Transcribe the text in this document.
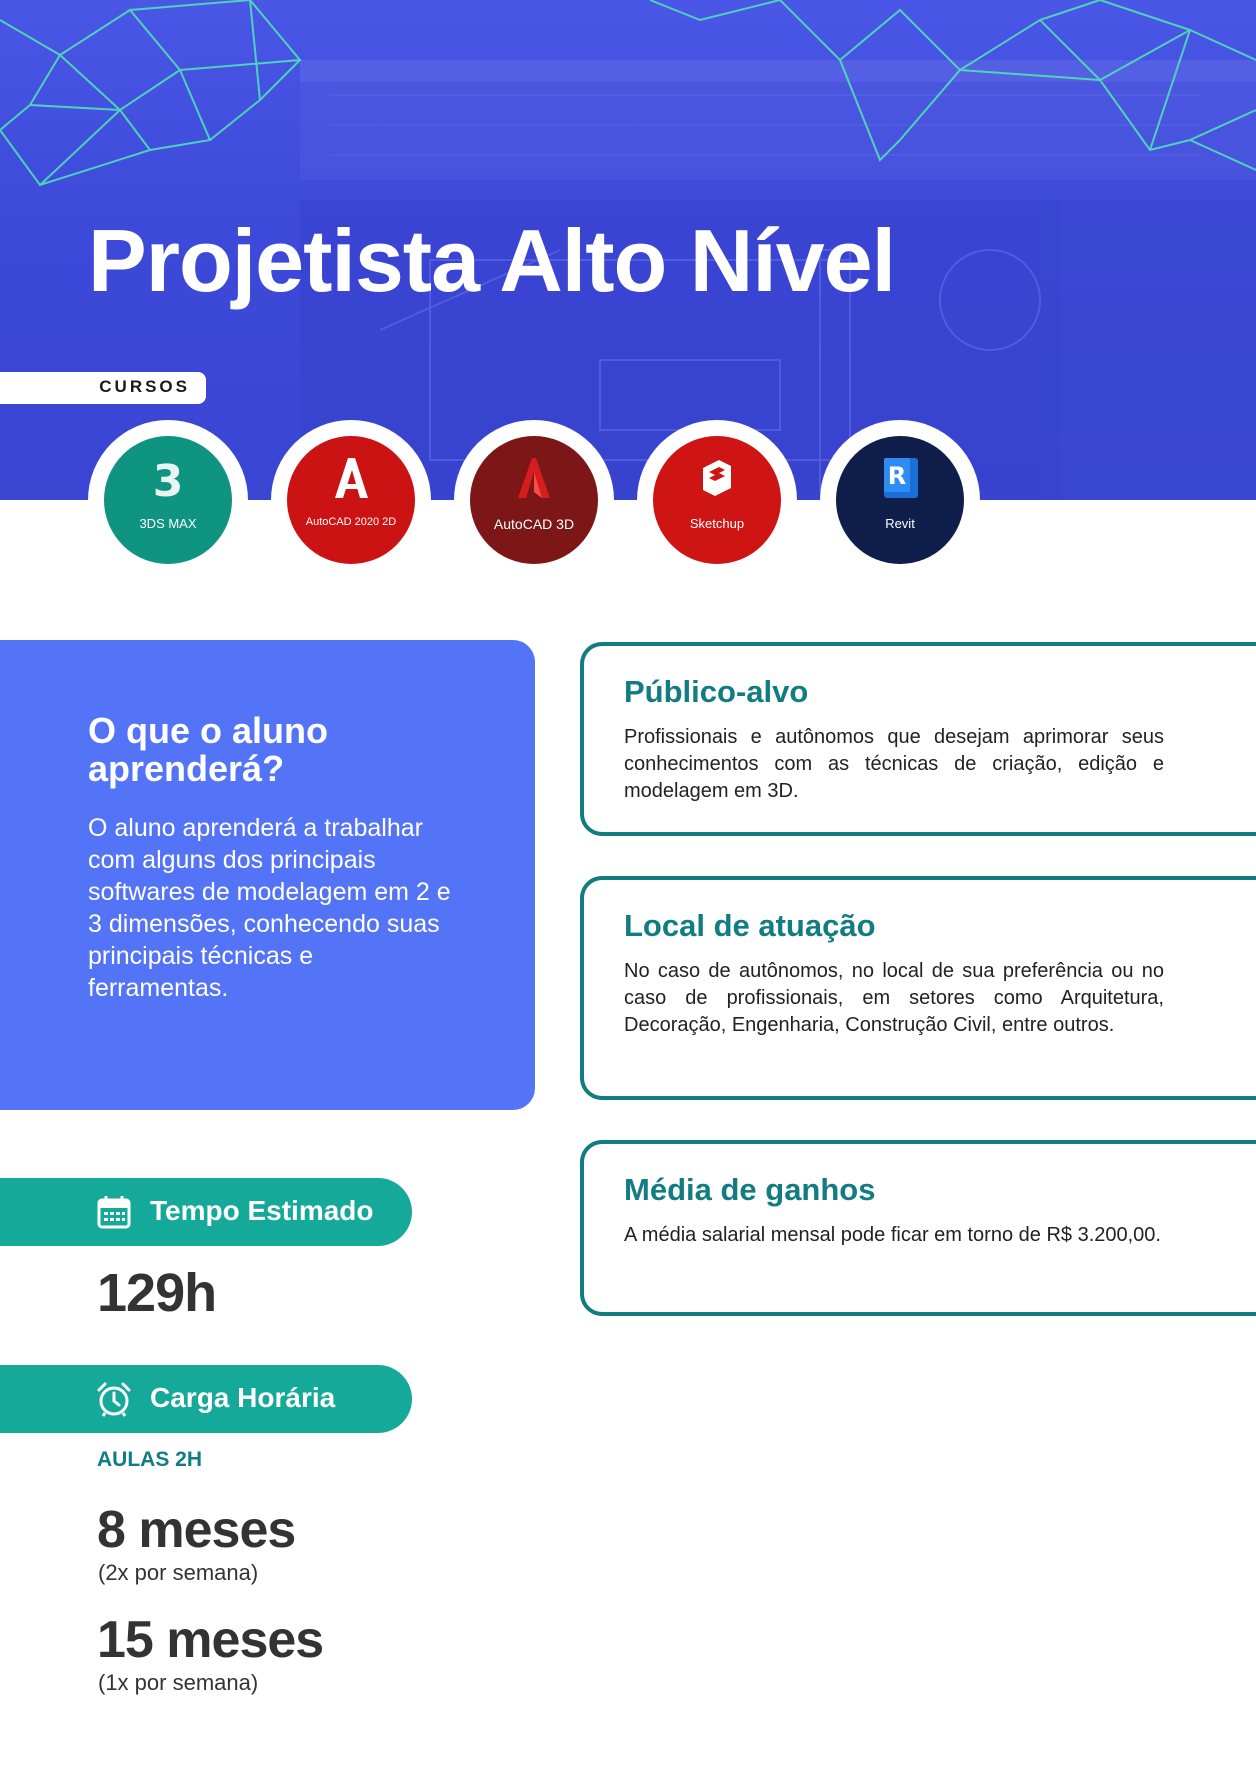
Projetista Alto Nível
CURSOS
3
3DS MAX	AutoCAD 2020 2D	AutoCAD 3D	Sketchup
R
Revit
O que o aluno aprenderá?

O aluno aprenderá a trabalhar com alguns dos principais softwares de modelagem em 2 e 3 dimensões, conhecendo suas principais técnicas e ferramentas.

Público-alvo

Profissionais e autônomos que desejam aprimorar seus conhecimentos com as técnicas de criação, edição e modelagem em 3D.

Local de atuação

No caso de autônomos, no local de sua preferência ou no caso de profissionais, em setores como Arquitetura, Decoração, Engenharia, Construção Civil, entre outros.

Média de ganhos

A média salarial mensal pode ficar em torno de R$ 3.200,00.

Tempo Estimado

129h

Carga Horária

AULAS 2H

8 meses

(2x por semana)

15 meses

(1x por semana)
